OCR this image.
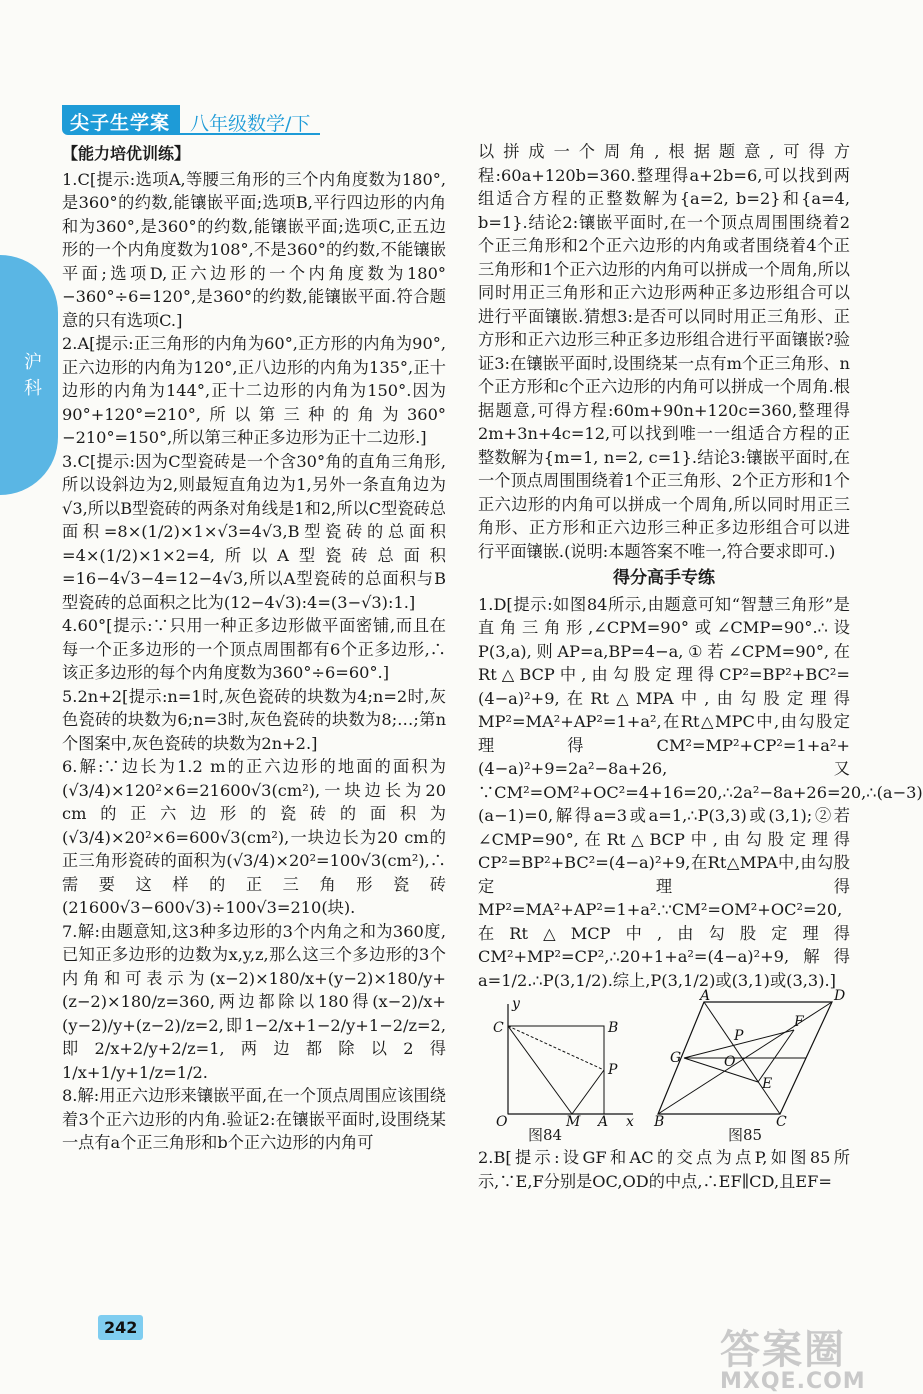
尖子生学案	八年级数学/下
沪科

【能力培优训练】

1.C[提示:选项A,等腰三角形的三个内角度数为180°,是360°的约数,能镶嵌平面;选项B,平行四边形的内角和为360°,是360°的约数,能镶嵌平面;选项C,正五边形的一个内角度数为108°,不是360°的约数,不能镶嵌平面;选项D,正六边形的一个内角度数为180°−360°÷6=120°,是360°的约数,能镶嵌平面.符合题意的只有选项C.]

2.A[提示:正三角形的内角为60°,正方形的内角为90°,正六边形的内角为120°,正八边形的内角为135°,正十边形的内角为144°,正十二边形的内角为150°.因为90°+120°=210°,所以第三种的角为360°−210°=150°,所以第三种正多边形为正十二边形.]

3.C[提示:因为C型瓷砖是一个含30°角的直角三角形,所以设斜边为2,则最短直角边为1,另外一条直角边为√3,所以B型瓷砖的两条对角线是1和2,所以C型瓷砖总面积=8×(1/2)×1×√3=4√3,B型瓷砖的总面积=4×(1/2)×1×2=4,所以A型瓷砖总面积=16−4√3−4=12−4√3,所以A型瓷砖的总面积与B型瓷砖的总面积之比为(12−4√3):4=(3−√3):1.]

4.60°[提示:∵只用一种正多边形做平面密铺,而且在每一个正多边形的一个顶点周围都有6个正多边形,∴该正多边形的每个内角度数为360°÷6=60°.]

5.2n+2[提示:n=1时,灰色瓷砖的块数为4;n=2时,灰色瓷砖的块数为6;n=3时,灰色瓷砖的块数为8;…;第n个图案中,灰色瓷砖的块数为2n+2.]

6.解:∵边长为1.2 m的正六边形的地面的面积为(√3/4)×120²×6=21600√3(cm²),一块边长为20 cm的正六边形的瓷砖的面积为(√3/4)×20²×6=600√3(cm²),一块边长为20 cm的正三角形瓷砖的面积为(√3/4)×20²=100√3(cm²),∴需要这样的正三角形瓷砖(21600√3−600√3)÷100√3=210(块).

7.解:由题意知,这3种多边形的3个内角之和为360度,已知正多边形的边数为x,y,z,那么这三个多边形的3个内角和可表示为(x−2)×180/x+(y−2)×180/y+(z−2)×180/z=360,两边都除以180得(x−2)/x+(y−2)/y+(z−2)/z=2,即1−2/x+1−2/y+1−2/z=2,即2/x+2/y+2/z=1,两边都除以2得1/x+1/y+1/z=1/2.

8.解:用正六边形来镶嵌平面,在一个顶点周围应该围绕着3个正六边形的内角.验证2:在镶嵌平面时,设围绕某一点有a个正三角形和b个正六边形的内角可

以拼成一个周角,根据题意,可得方程:60a+120b=360.整理得a+2b=6,可以找到两组适合方程的正整数解为{a=2, b=2}和{a=4, b=1}.结论2:镶嵌平面时,在一个顶点周围围绕着2个正三角形和2个正六边形的内角或者围绕着4个正三角形和1个正六边形的内角可以拼成一个周角,所以同时用正三角形和正六边形两种正多边形组合可以进行平面镶嵌.猜想3:是否可以同时用正三角形、正方形和正六边形三种正多边形组合进行平面镶嵌?验证3:在镶嵌平面时,设围绕某一点有m个正三角形、n个正方形和c个正六边形的内角可以拼成一个周角.根据题意,可得方程:60m+90n+120c=360,整理得2m+3n+4c=12,可以找到唯一一组适合方程的正整数解为{m=1, n=2, c=1}.结论3:镶嵌平面时,在一个顶点周围围绕着1个正三角形、2个正方形和1个正六边形的内角可以拼成一个周角,所以同时用正三角形、正方形和正六边形三种正多边形组合可以进行平面镶嵌.(说明:本题答案不唯一,符合要求即可.)

得分高手专练

1.D[提示:如图84所示,由题意可知“智慧三角形”是直角三角形,∠CPM=90°或∠CMP=90°.∴设P(3,a),则AP=a,BP=4−a,①若∠CPM=90°,在Rt△BCP中,由勾股定理得CP²=BP²+BC²=(4−a)²+9,在Rt△MPA中,由勾股定理得MP²=MA²+AP²=1+a²,在Rt△MPC中,由勾股定理得CM²=MP²+CP²=1+a²+(4−a)²+9=2a²−8a+26,又∵CM²=OM²+OC²=4+16=20,∴2a²−8a+26=20,∴(a−3)(a−1)=0,解得a=3或a=1,∴P(3,3)或(3,1);②若∠CMP=90°,在Rt△BCP中,由勾股定理得CP²=BP²+BC²=(4−a)²+9,在Rt△MPA中,由勾股定理得MP²=MA²+AP²=1+a².∵CM²=OM²+OC²=20,在Rt△MCP中,由勾股定理得CM²+MP²=CP²,∴20+1+a²=(4−a)²+9,解得a=1/2.∴P(3,1/2).综上,P(3,1/2)或(3,1)或(3,3).]

y
C	B
P
O	M A x
A	D
F
P
G	O
E
B	C
图84	图85

2.B[提示:设GF和AC的交点为点P,如图85所示,∵E,F分别是OC,OD的中点,∴EF∥CD,且EF=

242	答案圈
MXQE.COM
